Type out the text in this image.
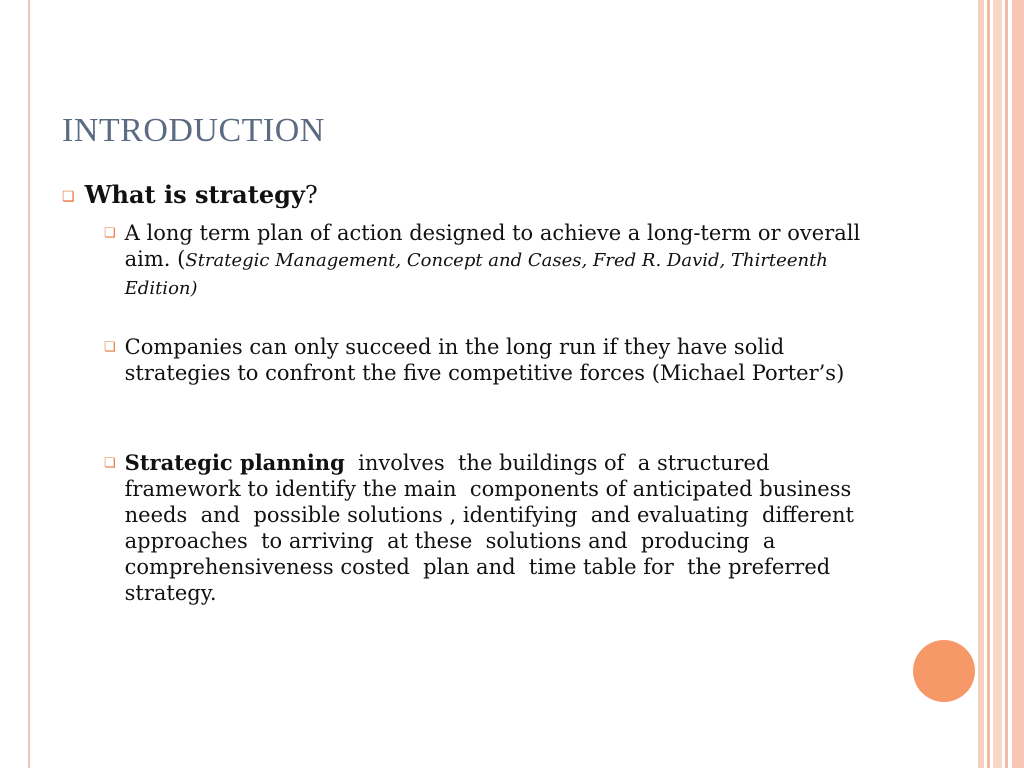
INTRODUCTION
❏ What is strategy?
❏ A long term plan of action designed to achieve a long-term or overall aim. (Strategic Management, Concept and Cases, Fred R. David, Thirteenth Edition)
❏ Companies can only succeed in the long run if they have solid strategies to confront the five competitive forces (Michael Porter’s)
❏ Strategic planning  involves  the buildings of  a structured  framework to identify the main  components of anticipated business needs  and  possible solutions , identifying  and evaluating  different  approaches  to arriving  at these  solutions and  producing  a comprehensiveness costed  plan and  time table for  the preferred strategy.
